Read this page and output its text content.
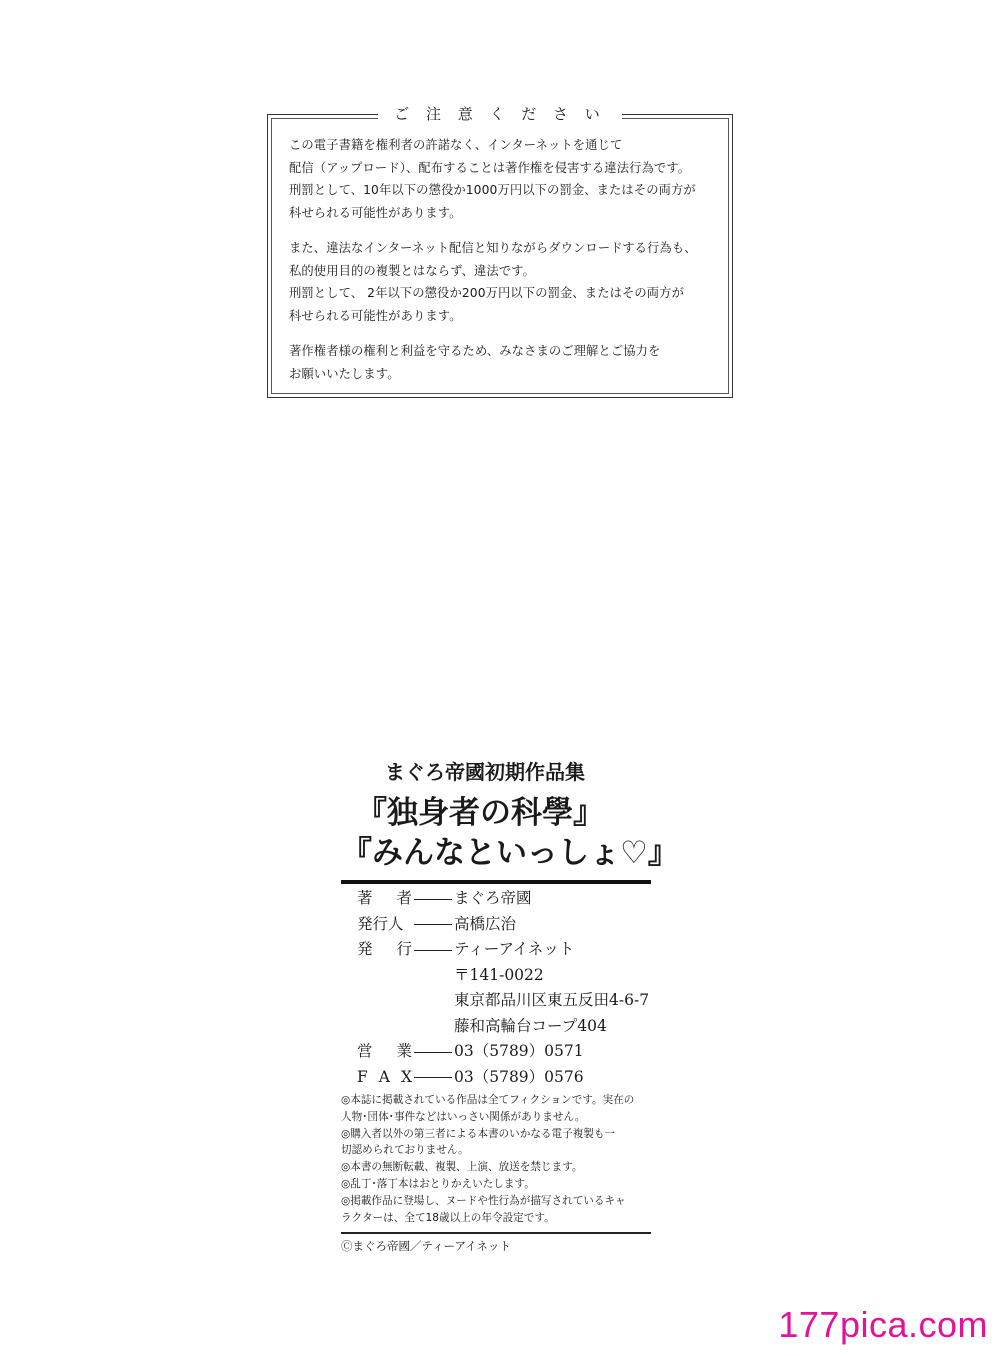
ご 注 意 く だ さ い
この電子書籍を権利者の許諾なく、インターネットを通じて
配信（アップロード）、配布することは著作権を侵害する違法行為です。
刑罰として、10年以下の懲役か1000万円以下の罰金、またはその両方が
科せられる可能性があります。
また、違法なインターネット配信と知りながらダウンロードする行為も、
私的使用目的の複製とはならず、違法です。
刑罰として、 2年以下の懲役か200万円以下の罰金、またはその両方が
科せられる可能性があります。
著作権者様の権利と利益を守るため、みなさまのご理解とご協力を
お願いいたします。
まぐろ帝國初期作品集
『独身者の科學』
『みんなといっしょ♡』
著 者	まぐろ帝國
発行人	高橋広治
発 行	ティーアイネット
〒141-0022
東京都品川区東五反田4-6-7
藤和高輪台コープ404
営 業	03（5789）0571
F A X	03（5789）0576
◎本誌に掲載されている作品は全てフィクションです。実在の
人物･団体･事件などはいっさい関係がありません。
◎購入者以外の第三者による本書のいかなる電子複製も一
切認められておりません。
◎本書の無断転載、複製、上演、放送を禁じます。
◎乱丁･落丁本はおとりかえいたします。
◎掲載作品に登場し、ヌードや性行為が描写されているキャ
ラクターは、全て18歳以上の年令設定です。
Ⓒまぐろ帝國／ティーアイネット
177pica.com
